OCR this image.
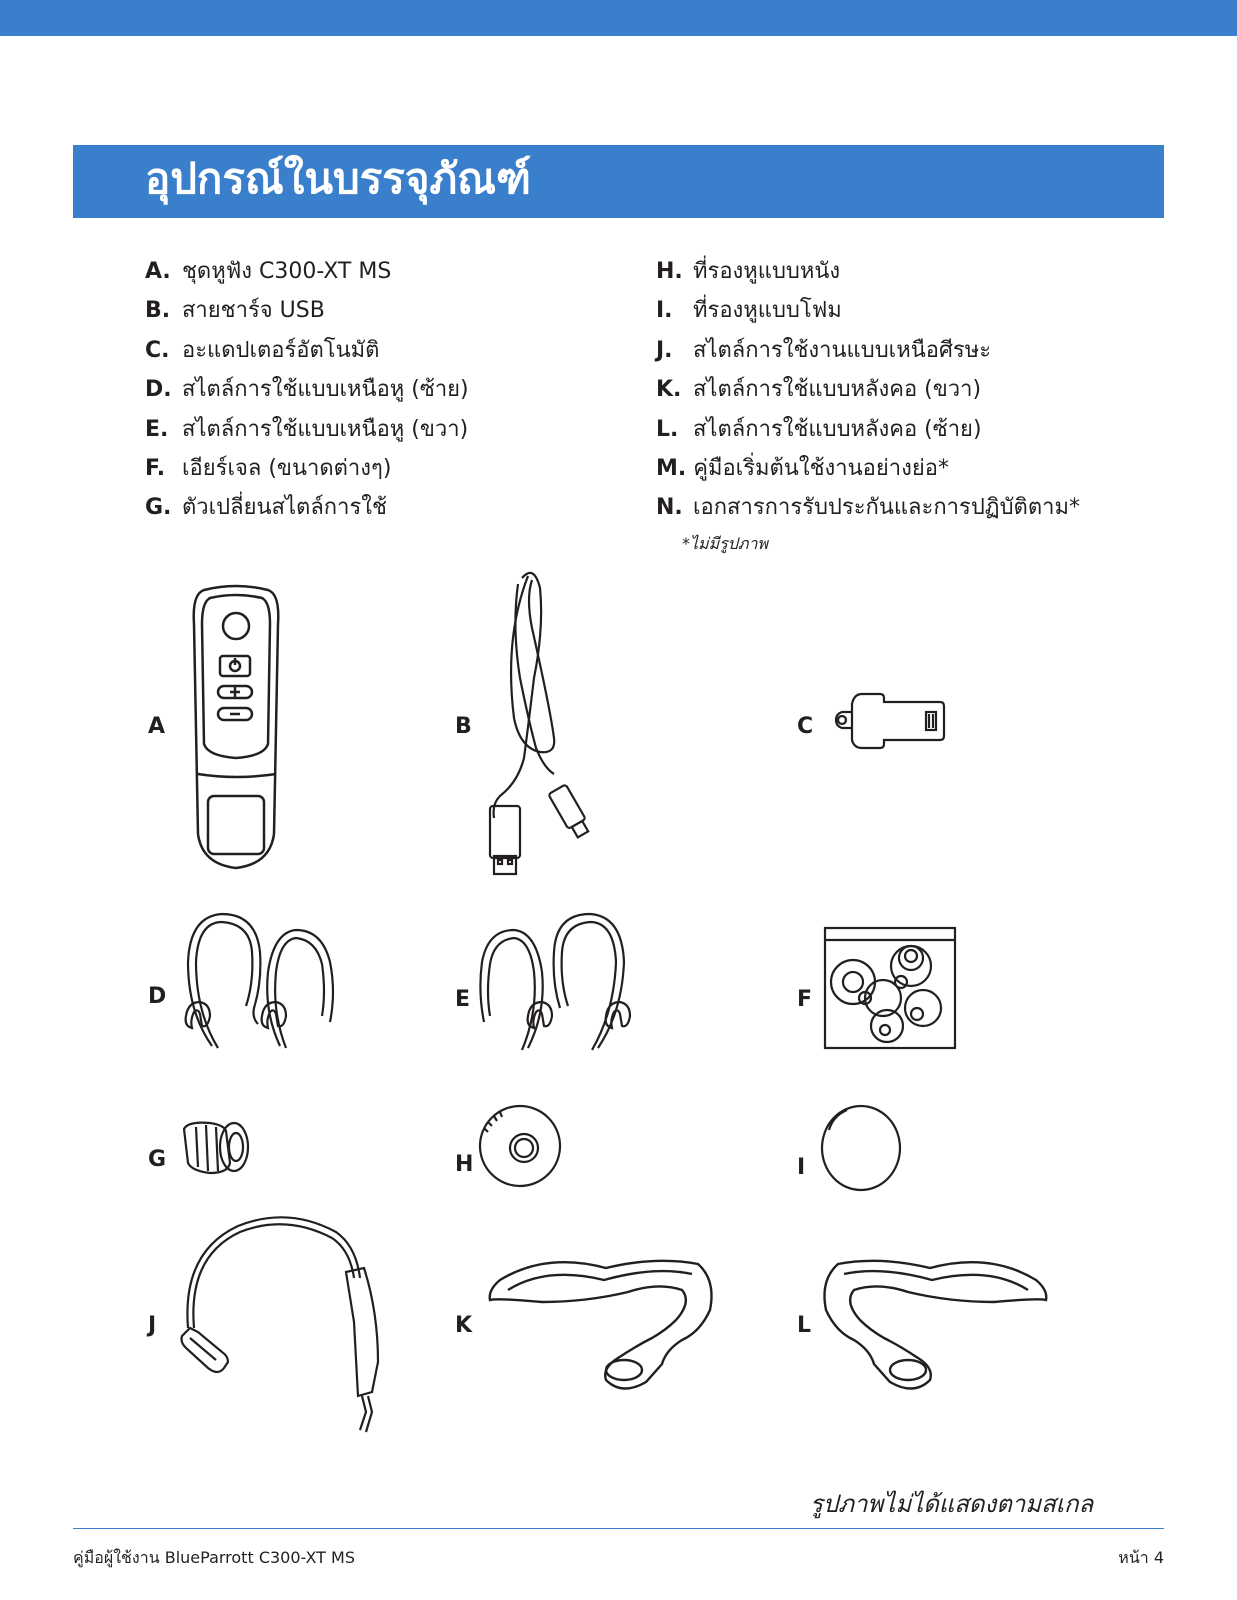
อุปกรณ์ในบรรจุภัณฑ์
A. ชุดหูฟัง C300-XT MS
B. สายชาร์จ USB
C. อะแดปเตอร์อัตโนมัติ
D. สไตล์การใช้แบบเหนือหู (ซ้าย)
E. สไตล์การใช้แบบเหนือหู (ขวา)
F. เอียร์เจล (ขนาดต่างๆ)
G. ตัวเปลี่ยนสไตล์การใช้
H. ที่รองหูแบบหนัง
I. ที่รองหูแบบโฟม
J. สไตล์การใช้งานแบบเหนือศีรษะ
K. สไตล์การใช้แบบหลังคอ (ขวา)
L. สไตล์การใช้แบบหลังคอ (ซ้าย)
M. คู่มือเริ่มต้นใช้งานอย่างย่อ*
N. เอกสารการรับประกันและการปฏิบัติตาม*
*ไม่มีรูปภาพ
A	B	C
D	E	F
G	H	I
J	K	L
รูปภาพไม่ได้แสดงตามสเกล
คู่มือผู้ใช้งาน BlueParrott C300-XT MS	หน้า 4
